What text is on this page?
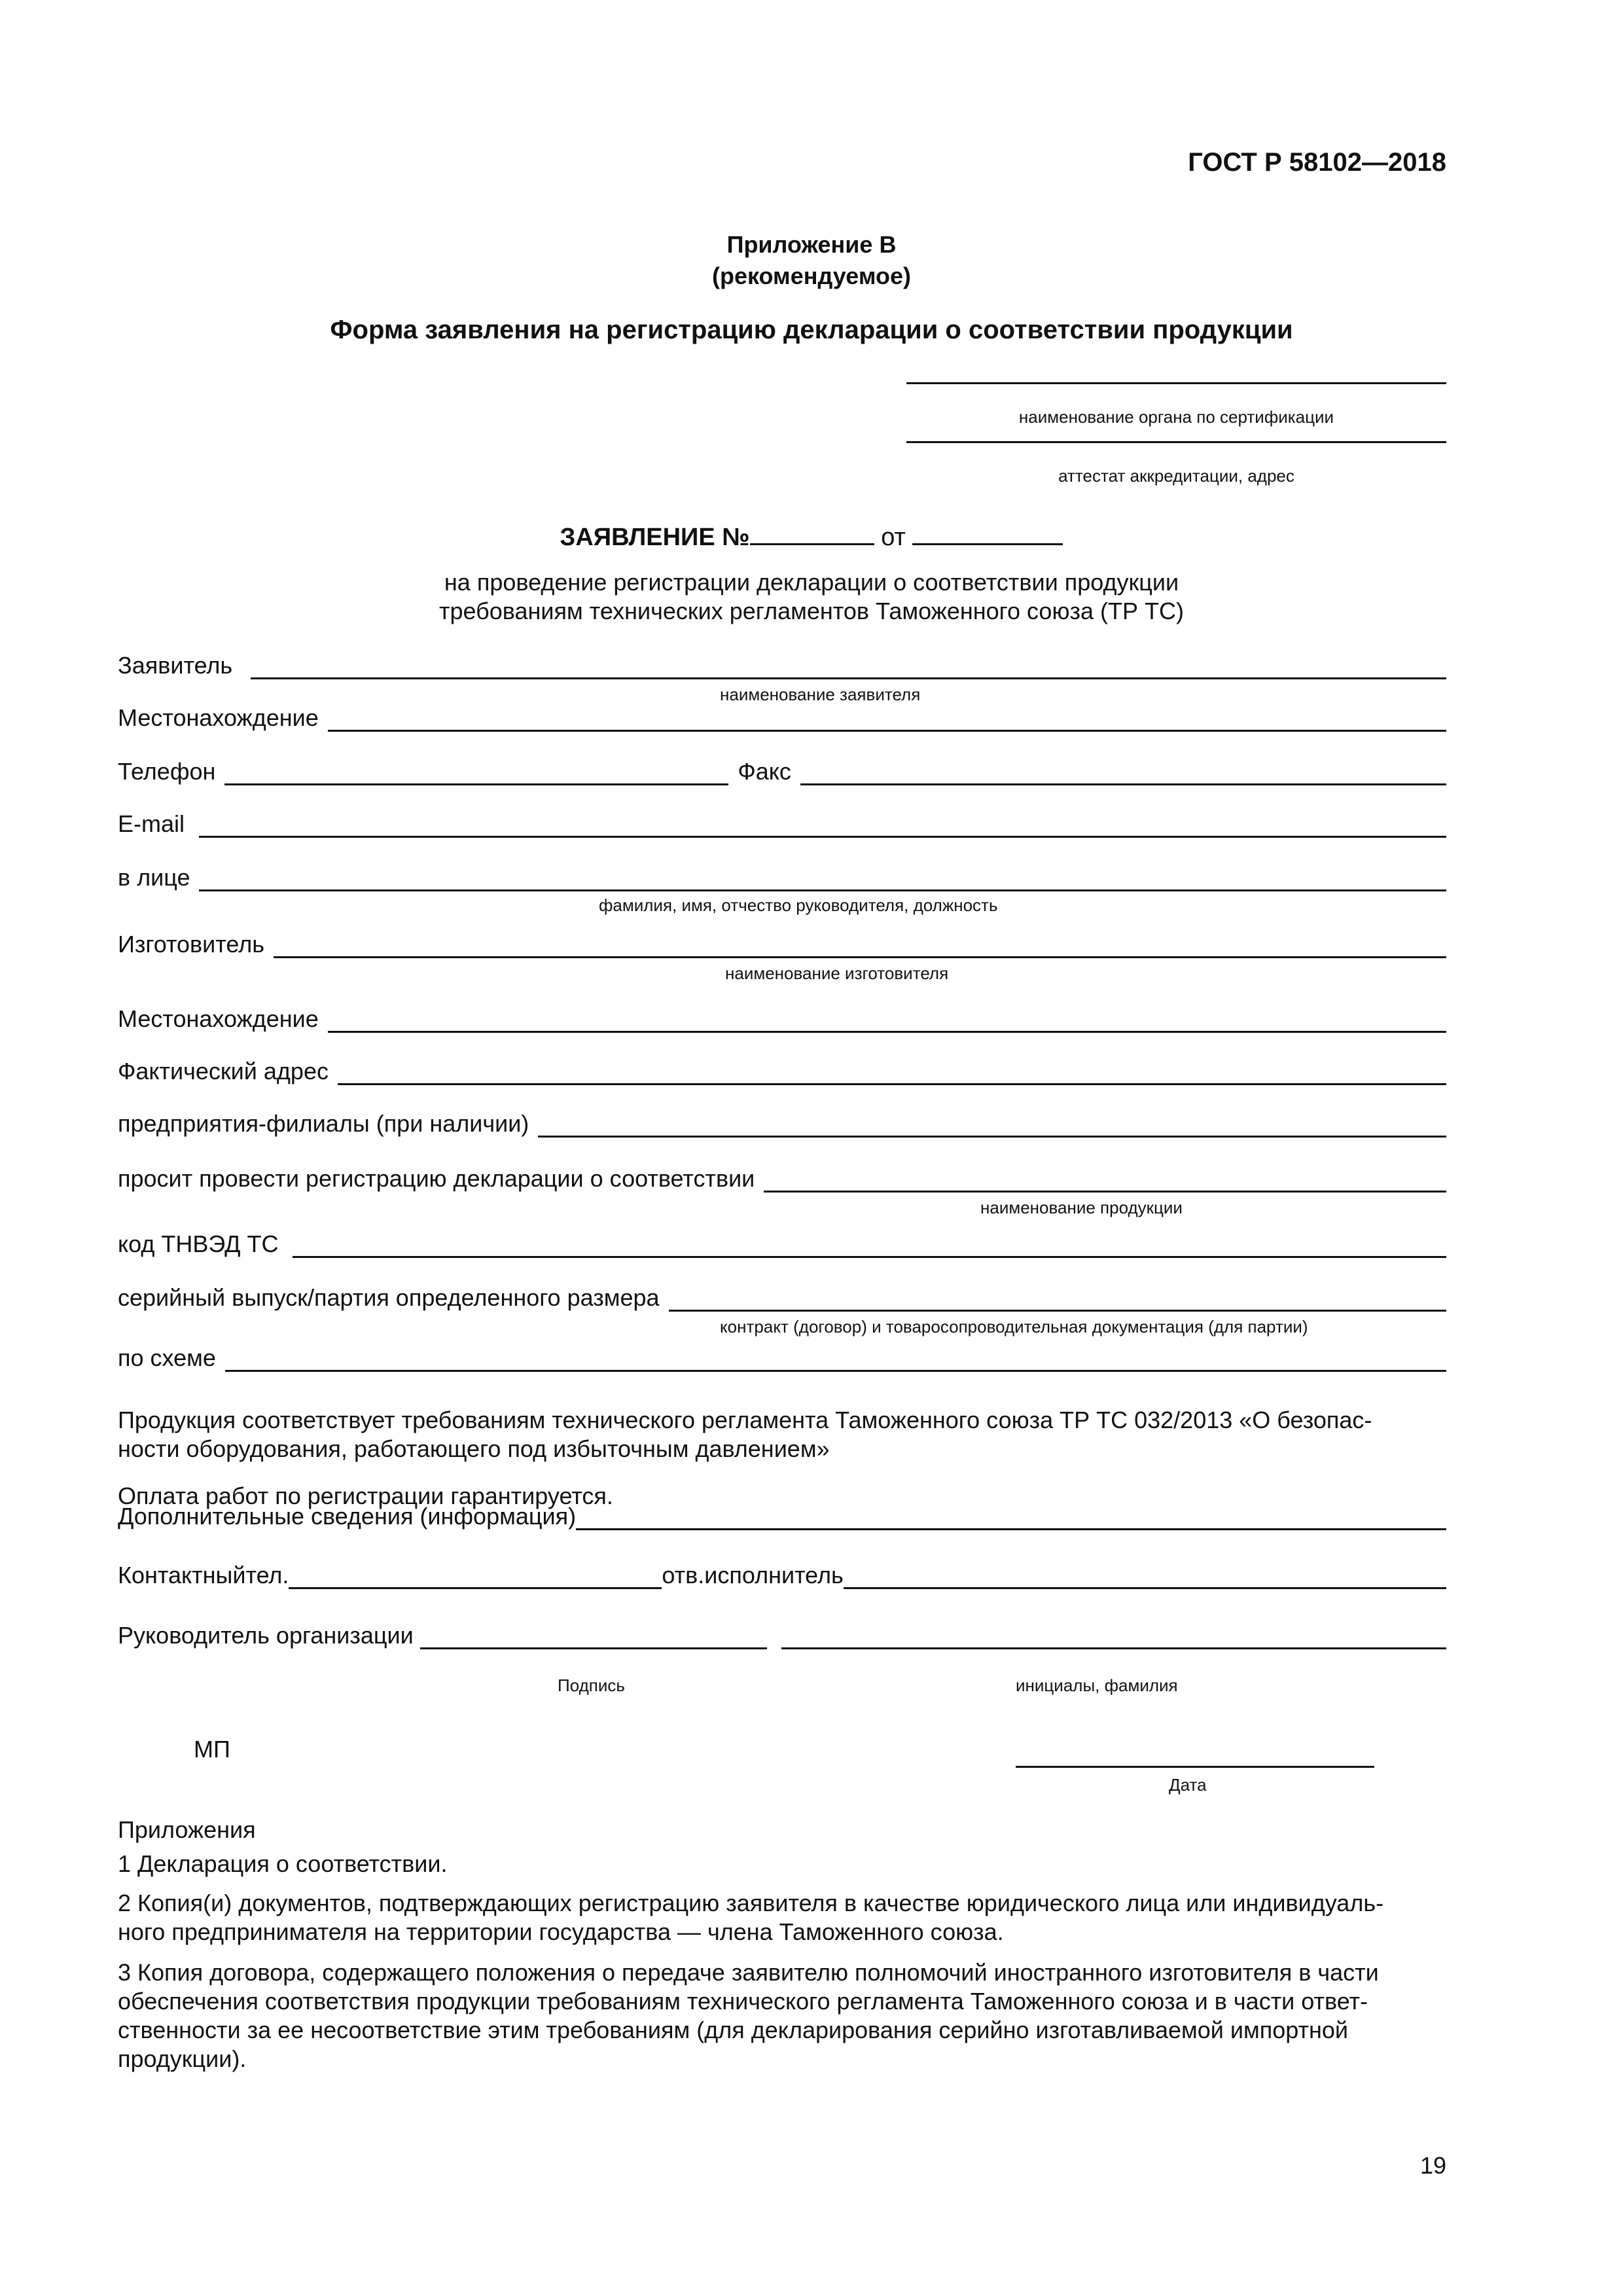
ГОСТ Р 58102—2018
Приложение В
(рекомендуемое)
Форма заявления на регистрацию декларации о соответствии продукции
наименование органа по сертификации
аттестат аккредитации, адрес
ЗАЯВЛЕНИЕ №	от
на проведение регистрации декларации о соответствии продукции
требованиям технических регламентов Таможенного союза (ТР ТС)
Заявитель
наименование заявителя
Местонахождение
Телефон	Факс
E-mail
в лице
фамилия, имя, отчество руководителя, должность
Изготовитель
наименование изготовителя
Местонахождение
Фактический адрес
предприятия-филиалы (при наличии)
просит провести регистрацию декларации о соответствии
наименование продукции
код ТНВЭД ТС
серийный выпуск/партия определенного размера
контракт (договор) и товаросопроводительная документация (для партии)
по схеме
Продукция соответствует требованиям технического регламента Таможенного союза ТР ТС 032/2013 «О безопас-
ности оборудования, работающего под избыточным давлением»
Оплата работ по регистрации гарантируется.
Дополнительные сведения (информация)
Контактныйтел.	отв.исполнитель
Руководитель организации
Подпись	инициалы, фамилия
МП
Дата
Приложения
1 Декларация о соответствии.
2 Копия(и) документов, подтверждающих регистрацию заявителя в качестве юридического лица или индивидуаль-
ного предпринимателя на территории государства — члена Таможенного союза.
3 Копия договора, содержащего положения о передаче заявителю полномочий иностранного изготовителя в части
обеспечения соответствия продукции требованиям технического регламента Таможенного союза и в части ответ-
ственности за ее несоответствие этим требованиям (для декларирования серийно изготавливаемой импортной
продукции).
19
